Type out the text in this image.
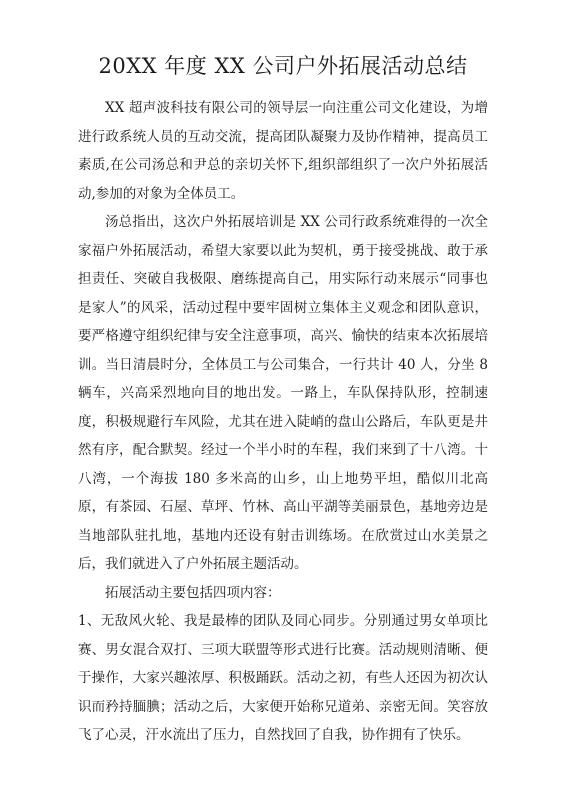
20XX 年度 XX 公司户外拓展活动总结

XX 超声波科技有限公司的领导层一向注重公司文化建设，为增进行政系统人员的互动交流，提高团队凝聚力及协作精神，提高员工素质,在公司汤总和尹总的亲切关怀下,组织部组织了一次户外拓展活动,参加的对象为全体员工。

汤总指出，这次户外拓展培训是 XX 公司行政系统难得的一次全家福户外拓展活动，希望大家要以此为契机，勇于接受挑战、敢于承担责任、突破自我极限、磨练提高自己，用实际行动来展示“同事也是家人”的风采，活动过程中要牢固树立集体主义观念和团队意识，要严格遵守组织纪律与安全注意事项，高兴、愉快的结束本次拓展培训。当日清晨时分，全体员工与公司集合，一行共计 40 人，分坐 8 辆车，兴高采烈地向目的地出发。一路上，车队保持队形，控制速度，积极规避行车风险，尤其在进入陡峭的盘山公路后，车队更是井然有序，配合默契。经过一个半小时的车程，我们来到了十八湾。十八湾，一个海拔 180 多米高的山乡，山上地势平坦，酷似川北高原，有茶园、石屋、草坪、竹林、高山平湖等美丽景色，基地旁边是当地部队驻扎地，基地内还设有射击训练场。在欣赏过山水美景之后，我们就进入了户外拓展主题活动。

拓展活动主要包括四项内容：

1、无敌风火轮、我是最棒的团队及同心同步。分别通过男女单项比赛、男女混合双打、三项大联盟等形式进行比赛。活动规则清晰、便于操作，大家兴趣浓厚、积极踊跃。活动之初，有些人还因为初次认识而矜持腼腆；活动之后，大家便开始称兄道弟、亲密无间。笑容放飞了心灵，汗水流出了压力，自然找回了自我，协作拥有了快乐。
